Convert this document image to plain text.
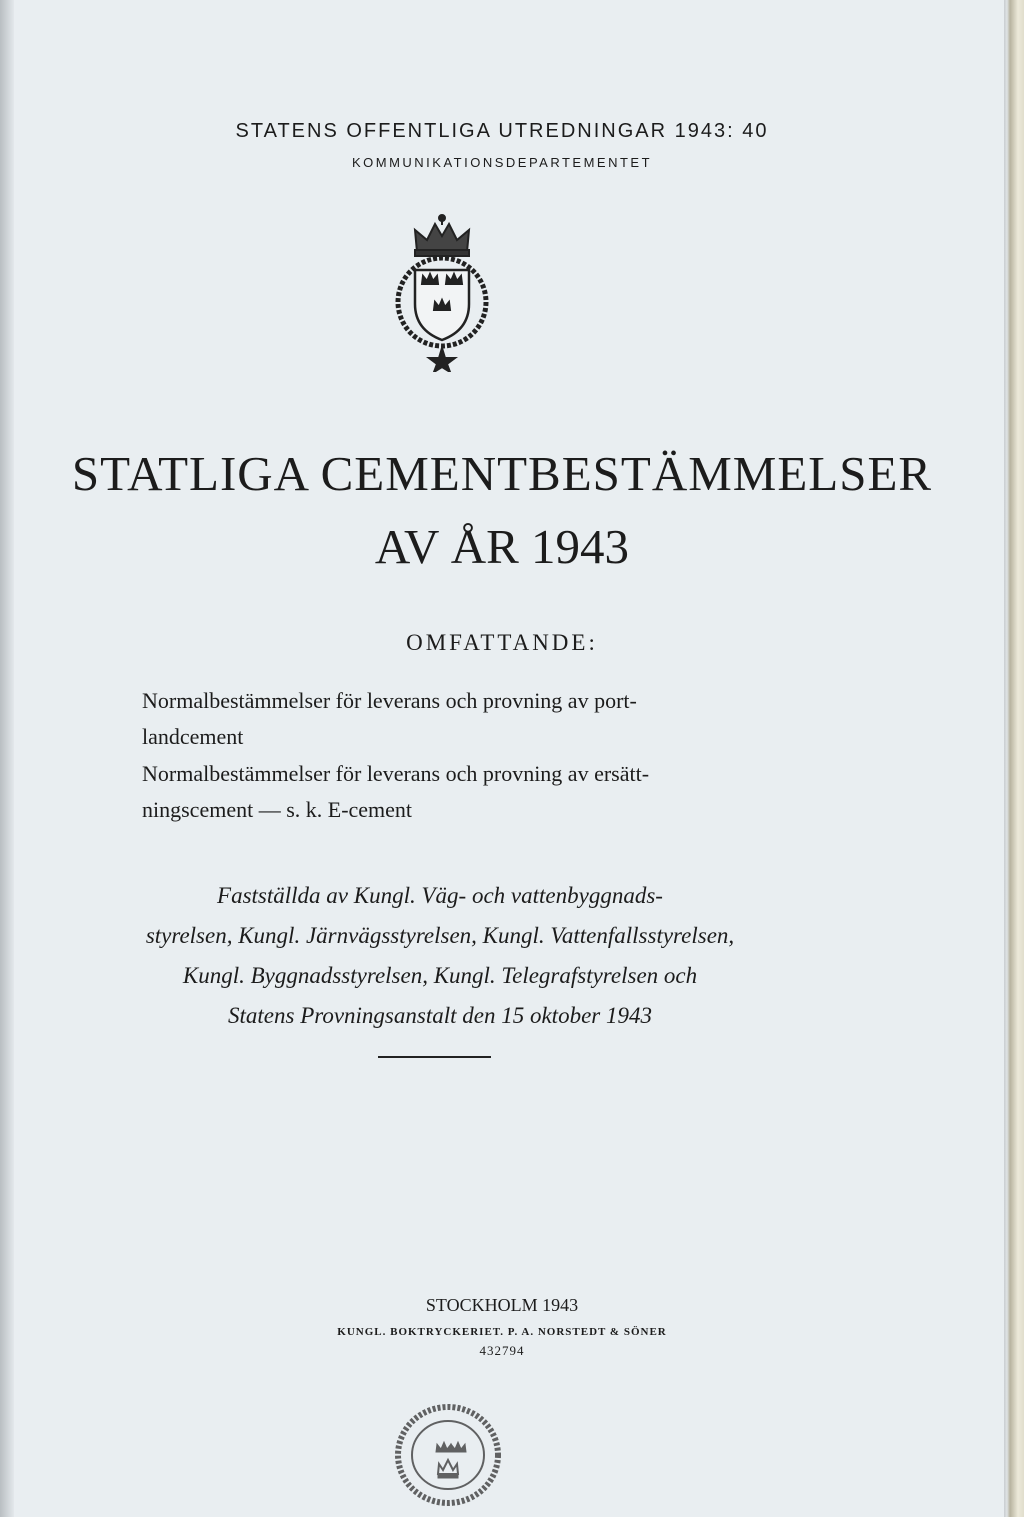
STATENS OFFENTLIGA UTREDNINGAR 1943: 40
KOMMUNIKATIONSDEPARTEMENTET
STATLIGA CEMENTBESTÄMMELSER
AV ÅR 1943
OMFATTANDE:
Normalbestämmelser för leverans och provning av port-
landcement
Normalbestämmelser för leverans och provning av ersätt-
ningscement — s. k. E-cement
Fastställda av Kungl. Väg- och vattenbyggnads-
styrelsen, Kungl. Järnvägsstyrelsen, Kungl. Vattenfallsstyrelsen,
Kungl. Byggnadsstyrelsen, Kungl. Telegrafstyrelsen och
Statens Provningsanstalt den 15 oktober 1943
STOCKHOLM 1943
KUNGL. BOKTRYCKERIET. P. A. NORSTEDT & SÖNER
432794
